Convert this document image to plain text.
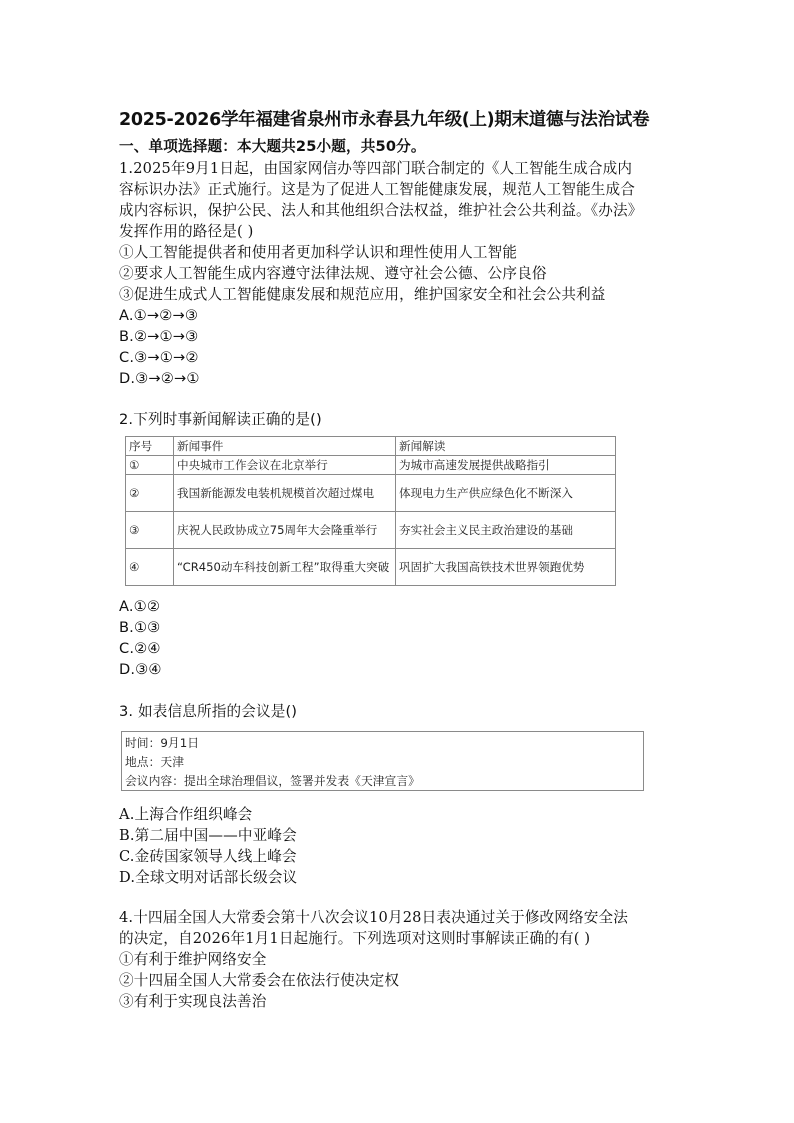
2025-2026学年福建省泉州市永春县九年级(上)期末道德与法治试卷
一、单项选择题：本大题共25小题，共50分。
1.2025年9月1日起，由国家网信办等四部门联合制定的《人工智能生成合成内
容标识办法》正式施行。这是为了促进人工智能健康发展，规范人工智能生成合
成内容标识，保护公民、法人和其他组织合法权益，维护社会公共利益。《办法》
发挥作用的路径是( )
①人工智能提供者和使用者更加科学认识和理性使用人工智能
②要求人工智能生成内容遵守法律法规、遵守社会公德、公序良俗
③促进生成式人工智能健康发展和规范应用，维护国家安全和社会公共利益
A.①→②→③
B.②→①→③
C.③→①→②
D.③→②→①
2.下列时事新闻解读正确的是()
序号	新闻事件	新闻解读
①	中央城市工作会议在北京举行	为城市高速发展提供战略指引
②	我国新能源发电装机规模首次超过煤电	体现电力生产供应绿色化不断深入
③	庆祝人民政协成立75周年大会隆重举行	夯实社会主义民主政治建设的基础
④	“CR450动车科技创新工程”取得重大突破	巩固扩大我国高铁技术世界领跑优势
A.①②
B.①③
C.②④
D.③④
3. 如表信息所指的会议是()
时间：9月1日
地点：天津
会议内容：提出全球治理倡议，签署并发表《天津宣言》
A.上海合作组织峰会
B.第二届中国——中亚峰会
C.金砖国家领导人线上峰会
D.全球文明对话部长级会议
4.十四届全国人大常委会第十八次会议10月28日表决通过关于修改网络安全法
的决定，自2026年1月1日起施行。下列选项对这则时事解读正确的有( )
①有利于维护网络安全
②十四届全国人大常委会在依法行使决定权
③有利于实现良法善治
